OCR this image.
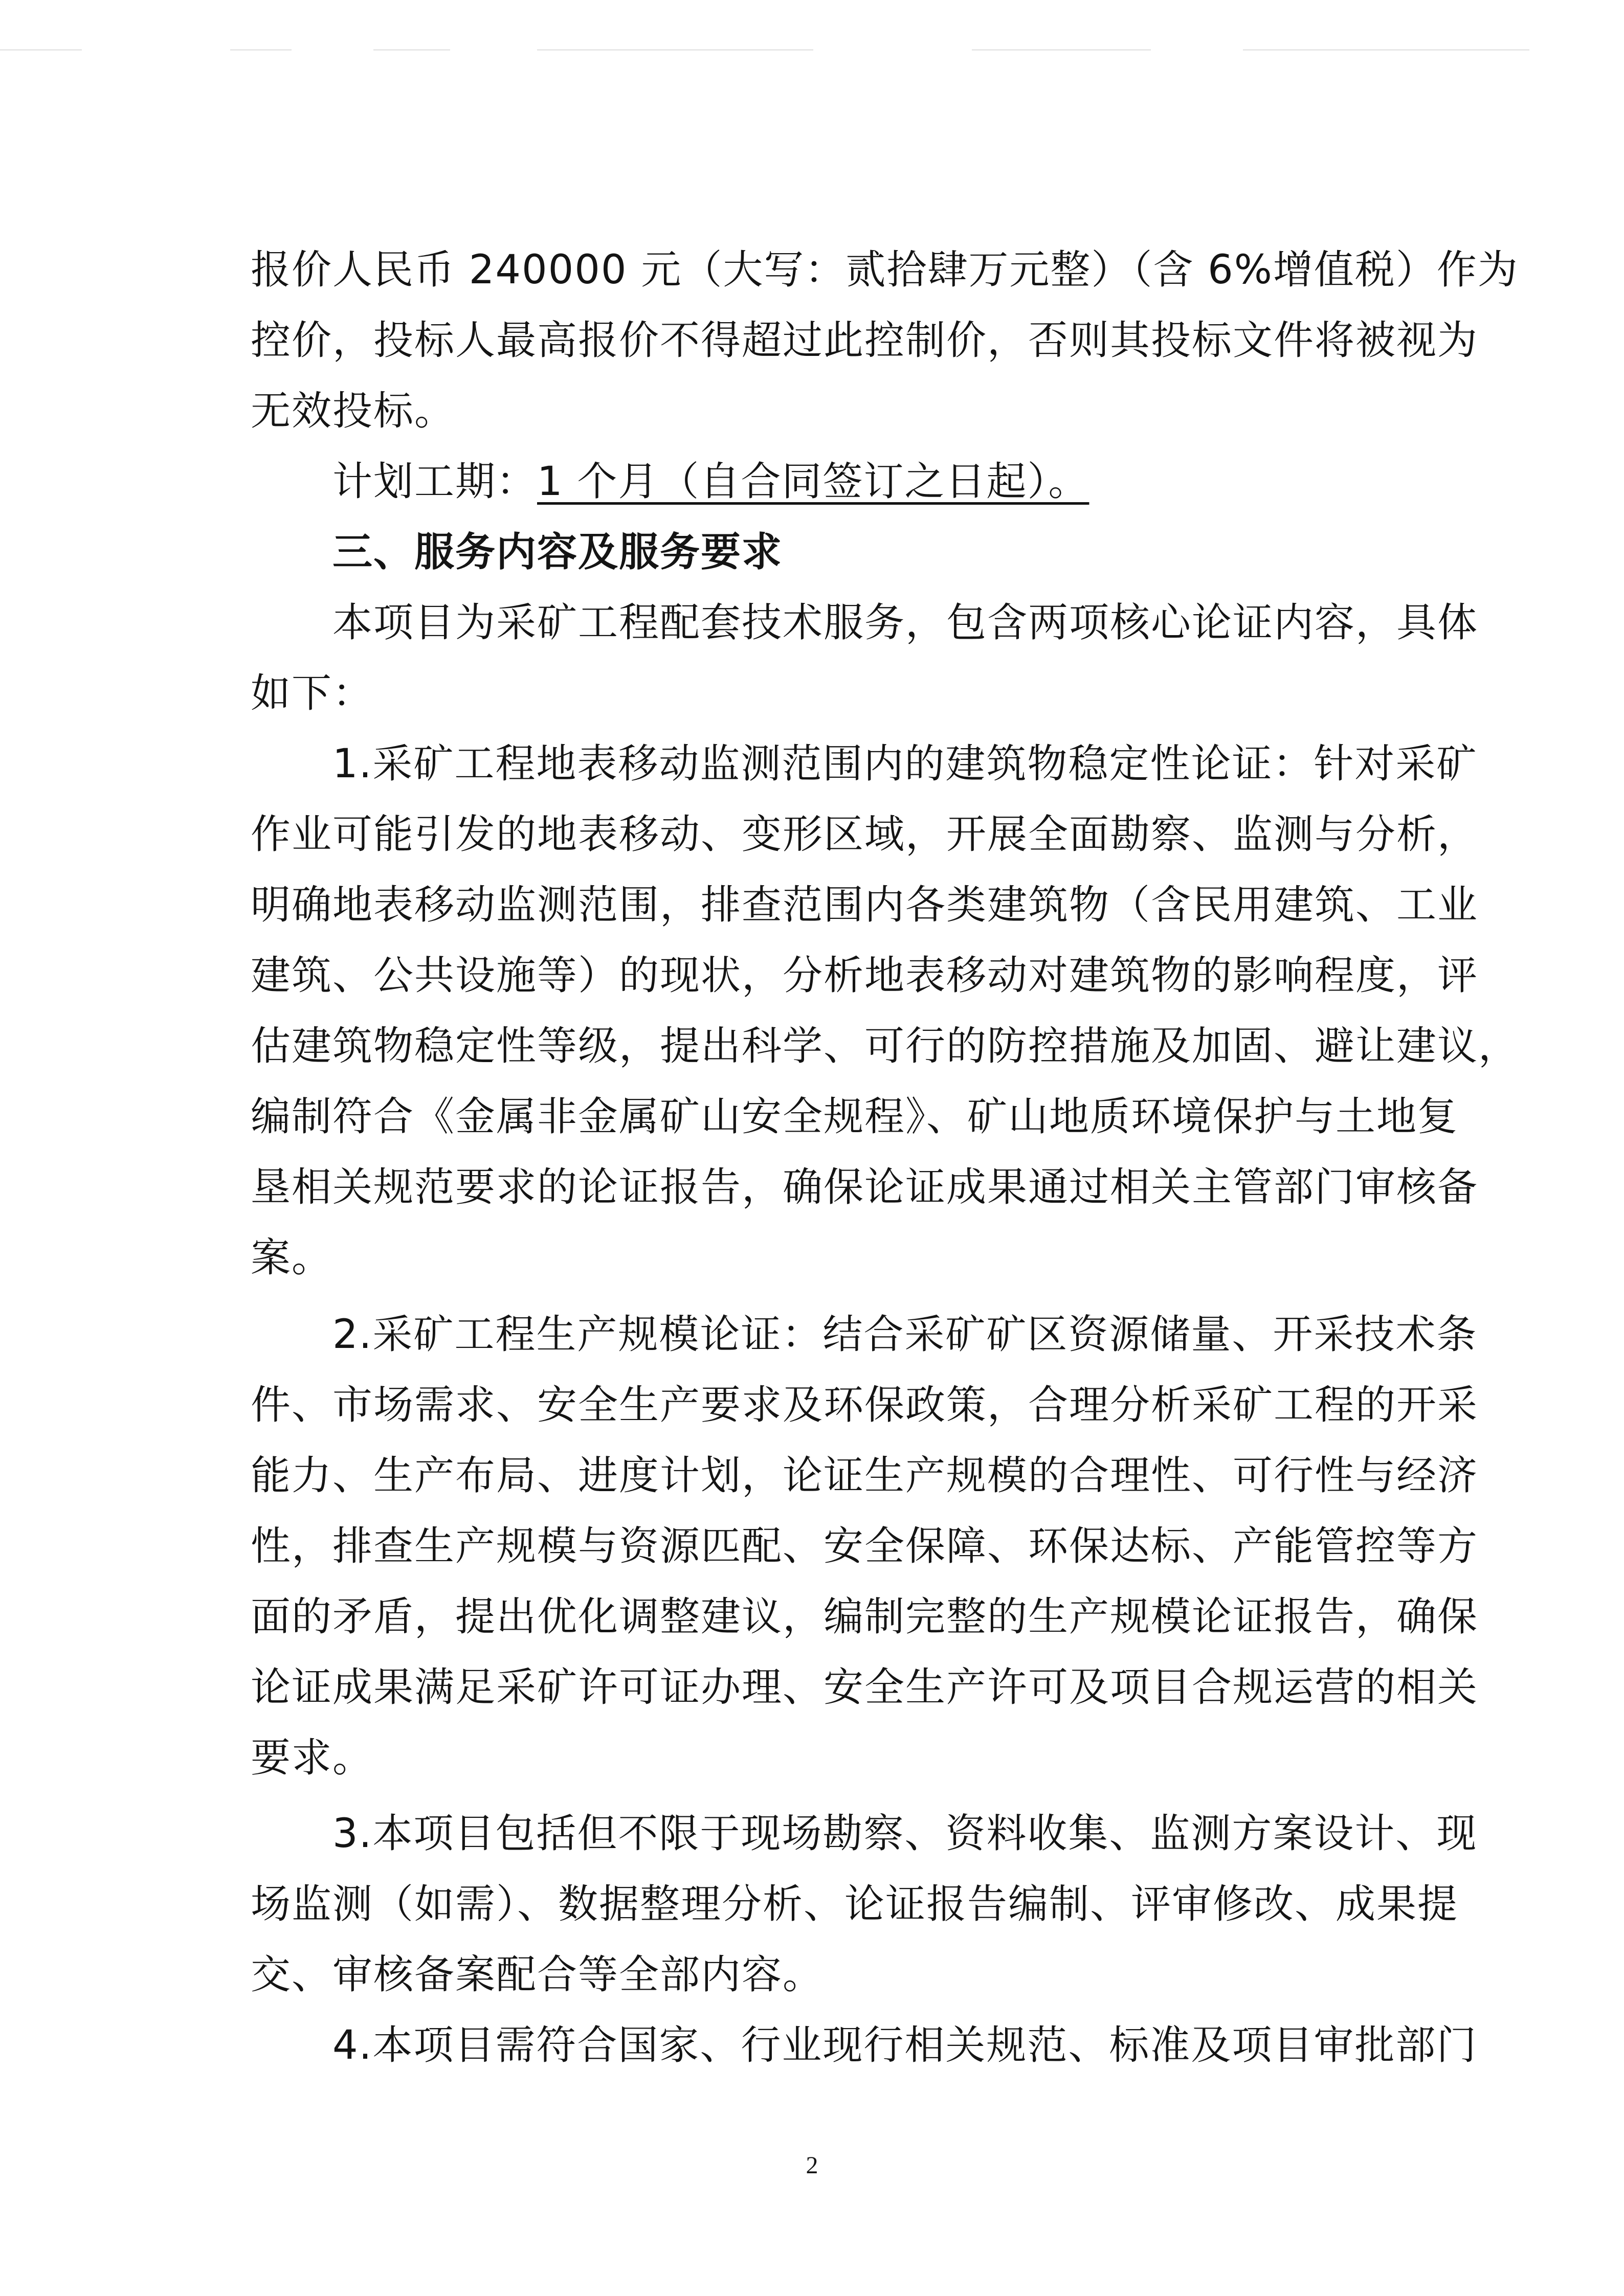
报价人民币 240000 元（大写：贰拾肆万元整）（含 6%增值税）作为
控价，投标人最高报价不得超过此控制价，否则其投标文件将被视为
无效投标。
计划工期：1 个月（自合同签订之日起）。
三、服务内容及服务要求
本项目为采矿工程配套技术服务，包含两项核心论证内容，具体
如下：
1.采矿工程地表移动监测范围内的建筑物稳定性论证：针对采矿
作业可能引发的地表移动、变形区域，开展全面勘察、监测与分析，
明确地表移动监测范围，排查范围内各类建筑物（含民用建筑、工业
建筑、公共设施等）的现状，分析地表移动对建筑物的影响程度，评
估建筑物稳定性等级，提出科学、可行的防控措施及加固、避让建议，
编制符合《金属非金属矿山安全规程》、矿山地质环境保护与土地复
垦相关规范要求的论证报告，确保论证成果通过相关主管部门审核备
案。
2.采矿工程生产规模论证：结合采矿矿区资源储量、开采技术条
件、市场需求、安全生产要求及环保政策，合理分析采矿工程的开采
能力、生产布局、进度计划，论证生产规模的合理性、可行性与经济
性，排查生产规模与资源匹配、安全保障、环保达标、产能管控等方
面的矛盾，提出优化调整建议，编制完整的生产规模论证报告，确保
论证成果满足采矿许可证办理、安全生产许可及项目合规运营的相关
要求。
3.本项目包括但不限于现场勘察、资料收集、监测方案设计、现
场监测（如需）、数据整理分析、论证报告编制、评审修改、成果提
交、审核备案配合等全部内容。
4.本项目需符合国家、行业现行相关规范、标准及项目审批部门
2
